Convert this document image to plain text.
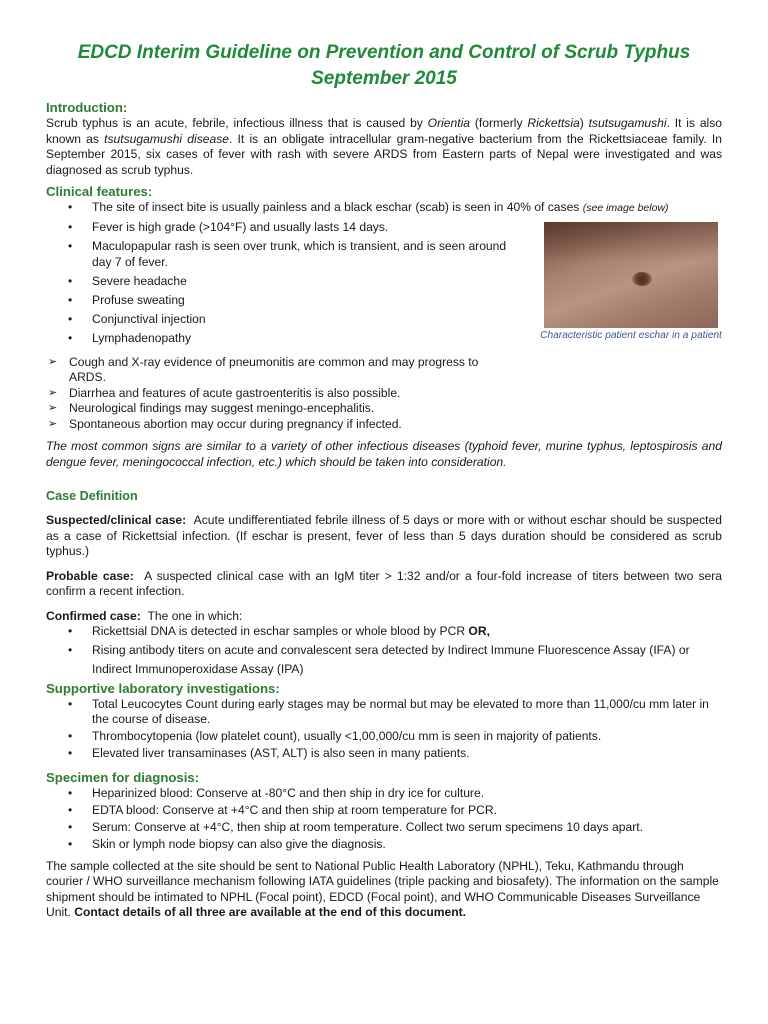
EDCD Interim Guideline on Prevention and Control of Scrub Typhus
September 2015
Introduction:

Scrub typhus is an acute, febrile, infectious illness that is caused by Orientia (formerly Rickettsia) tsutsugamushi. It is also known as tsutsugamushi disease. It is an obligate intracellular gram-negative bacterium from the Rickettsiaceae family. In September 2015, six cases of fever with rash with severe ARDS from Eastern parts of Nepal were investigated and was diagnosed as scrub typhus.

Clinical features:
• The site of insect bite is usually painless and a black eschar (scab) is seen in 40% of cases (see image below)
• Fever is high grade (>104°F) and usually lasts 14 days.
• Maculopapular rash is seen over trunk, which is transient, and is seen around day 7 of fever.
• Severe headache
• Profuse sweating
• Conjunctival injection
• Lymphadenopathy
➢ Cough and X-ray evidence of pneumonitis are common and may progress to ARDS.
➢ Diarrhea and features of acute gastroenteritis is also possible.
➢ Neurological findings may suggest meningo-encephalitis.
➢ Spontaneous abortion may occur during pregnancy if infected.
Characteristic patient eschar in a patient

The most common signs are similar to a variety of other infectious diseases (typhoid fever, murine typhus, leptospirosis and dengue fever, meningococcal infection, etc.) which should be taken into consideration.

Case Definition

Suspected/clinical case: Acute undifferentiated febrile illness of 5 days or more with or without eschar should be suspected as a case of Rickettsial infection. (If eschar is present, fever of less than 5 days duration should be considered as scrub typhus.)

Probable case: A suspected clinical case with an IgM titer > 1:32 and/or a four-fold increase of titers between two sera confirm a recent infection.

Confirmed case: The one in which:

• Rickettsial DNA is detected in eschar samples or whole blood by PCR OR,
• Rising antibody titers on acute and convalescent sera detected by Indirect Immune Fluorescence Assay (IFA) or Indirect Immunoperoxidase Assay (IPA)
Supportive laboratory investigations:
• Total Leucocytes Count during early stages may be normal but may be elevated to more than 11,000/cu mm later in the course of disease.
• Thrombocytopenia (low platelet count), usually <1,00,000/cu mm is seen in majority of patients.
• Elevated liver transaminases (AST, ALT) is also seen in many patients.
Specimen for diagnosis:
• Heparinized blood: Conserve at -80°C and then ship in dry ice for culture.
• EDTA blood: Conserve at +4°C and then ship at room temperature for PCR.
• Serum: Conserve at +4°C, then ship at room temperature. Collect two serum specimens 10 days apart.
• Skin or lymph node biopsy can also give the diagnosis.

The sample collected at the site should be sent to National Public Health Laboratory (NPHL), Teku, Kathmandu through courier / WHO surveillance mechanism following IATA guidelines (triple packing and biosafety). The information on the sample shipment should be intimated to NPHL (Focal point), EDCD (Focal point), and WHO Communicable Diseases Surveillance Unit. Contact details of all three are available at the end of this document.
